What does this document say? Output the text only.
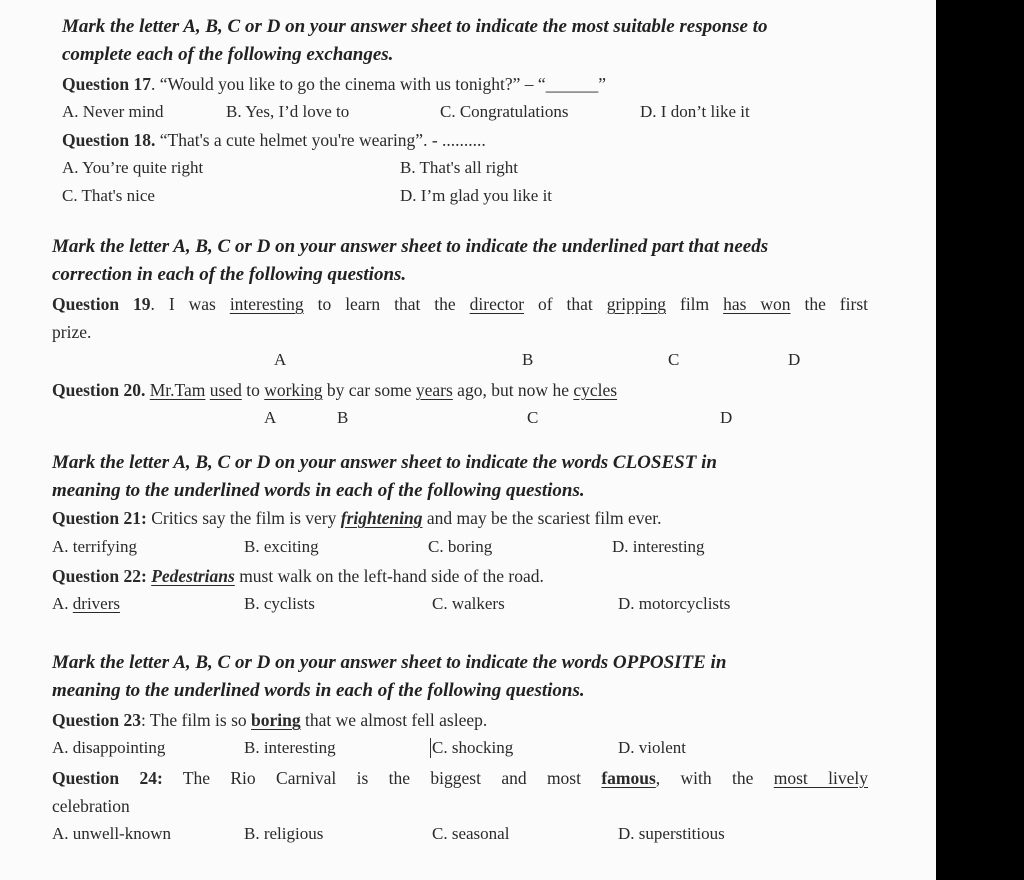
Mark the letter A, B, C or D on your answer sheet to indicate the most suitable response to
complete each of the following exchanges.
Question 17. “Would you like to go the cinema with us tonight?” – “______”
A. Never mind	B. Yes, I’d love to	C. Congratulations	D. I don’t like it
Question 18. “That's a cute helmet you're wearing”. - ..........
A. You’re quite right	B. That's all right
C. That's nice	D. I’m glad you like it
Mark the letter A, B, C or D on your answer sheet to indicate the underlined part that needs
correction in each of the following questions.
Question 19. I was interesting to learn that the director of that gripping film has won the first
prize.
A	B	C	D
Question 20. Mr.Tam used to working by car some years ago, but now he cycles
A	B	C	D
Mark the letter A, B, C or D on your answer sheet to indicate the words CLOSEST in
meaning to the underlined words in each of the following questions.
Question 21: Critics say the film is very frightening and may be the scariest film ever.
A. terrifying	B. exciting	C. boring	D. interesting
Question 22: Pedestrians must walk on the left-hand side of the road.
A. drivers	B. cyclists	C. walkers	D. motorcyclists
Mark the letter A, B, C or D on your answer sheet to indicate the words OPPOSITE in
meaning to the underlined words in each of the following questions.
Question 23: The film is so boring that we almost fell asleep.
A. disappointing	B. interesting	C. shocking	D. violent
Question 24: The Rio Carnival is the biggest and most famous, with the most lively
celebration
A. unwell-known	B. religious	C. seasonal	D. superstitious
